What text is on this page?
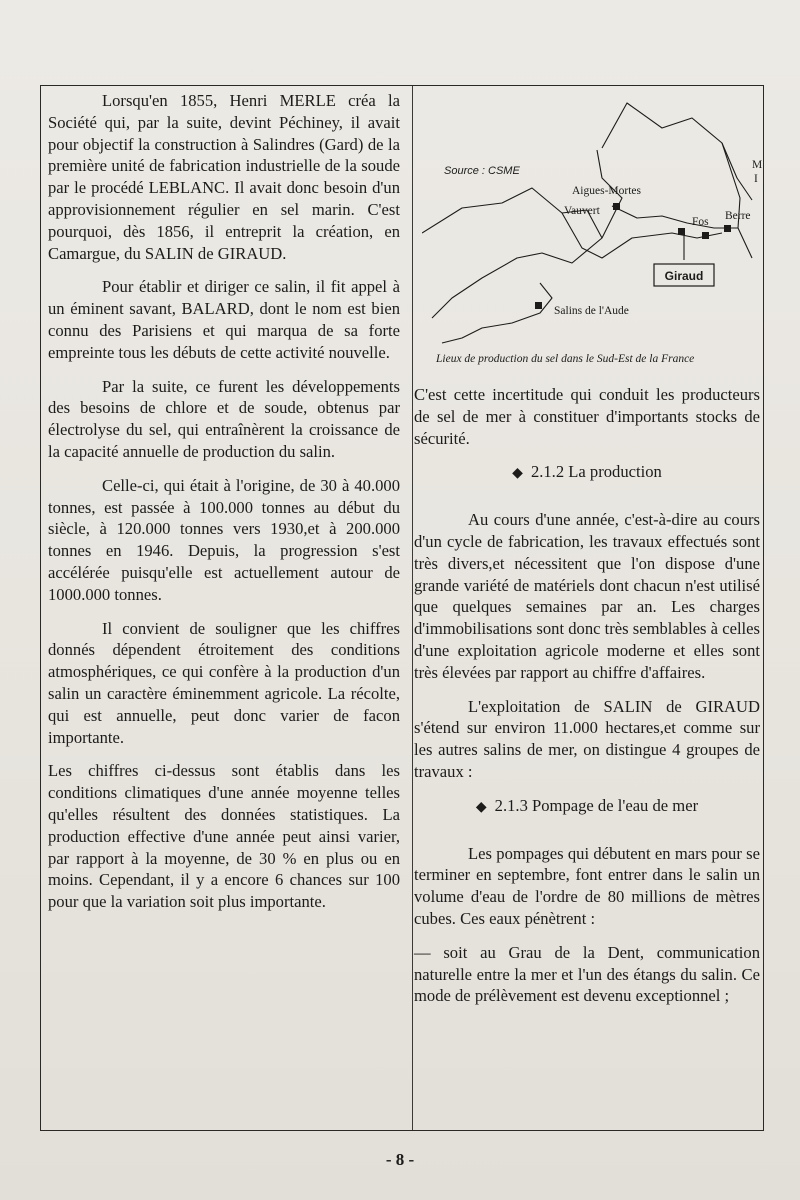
Lorsqu'en 1855, Henri MERLE créa la Société qui, par la suite, devint Péchiney, il avait pour objectif la construction à Salindres (Gard) de la première unité de fabrication industrielle de la soude par le procédé LEBLANC. Il avait donc besoin d'un approvisionnement régulier en sel marin. C'est pourquoi, dès 1856, il entreprit la création, en Camargue, du SALIN de GIRAUD.

Pour établir et diriger ce salin, il fit appel à un éminent savant, BALARD, dont le nom est bien connu des Parisiens et qui marqua de sa forte empreinte tous les débuts de cette activité nouvelle.

Par la suite, ce furent les développements des besoins de chlore et de soude, obtenus par électrolyse du sel, qui entraînèrent la croissance de la capacité annuelle de production du salin.

Celle-ci, qui était à l'origine, de 30 à 40.000 tonnes, est passée à 100.000 tonnes au début du siècle, à 120.000 tonnes vers 1930,et à 200.000 tonnes en 1946. Depuis, la progression s'est accélérée puisqu'elle est actuellement autour de 1000.000 tonnes.

Il convient de souligner que les chiffres donnés dépendent étroitement des conditions atmosphériques, ce qui confère à la production d'un salin un caractère éminemment agricole. La récolte, qui est annuelle, peut donc varier de facon importante.

Les chiffres ci-dessus sont établis dans les conditions climatiques d'une année moyenne telles qu'elles résultent des données statistiques. La production effective d'une année peut ainsi varier, par rapport à la moyenne, de 30 % en plus ou en moins. Cependant, il y a encore 6 chances sur 100 pour que la variation soit plus importante.

Source : CSME
Aigues-Mortes
Vauvert
Fos Berre
Giraud
Salins de l'Aude
M
I
Lieux de production du sel dans le Sud-Est de la France

C'est cette incertitude qui conduit les producteurs de sel de mer à constituer d'importants stocks de sécurité.

◆ 2.1.2 La production

Au cours d'une année, c'est-à-dire au cours d'un cycle de fabrication, les travaux effectués sont très divers,et nécessitent que l'on dispose d'une grande variété de matériels dont chacun n'est utilisé que quelques semaines par an. Les charges d'immobilisations sont donc très semblables à celles d'une exploitation agricole moderne et elles sont très élevées par rapport au chiffre d'affaires.

L'exploitation de SALIN de GIRAUD s'étend sur environ 11.000 hectares,et comme sur les autres salins de mer, on distingue 4 groupes de travaux :

◆ 2.1.3 Pompage de l'eau de mer

Les pompages qui débutent en mars pour se terminer en septembre, font entrer dans le salin un volume d'eau de l'ordre de 80 millions de mètres cubes. Ces eaux pénètrent :

— soit au Grau de la Dent, communication naturelle entre la mer et l'un des étangs du salin. Ce mode de prélèvement est devenu exceptionnel ;

- 8 -
